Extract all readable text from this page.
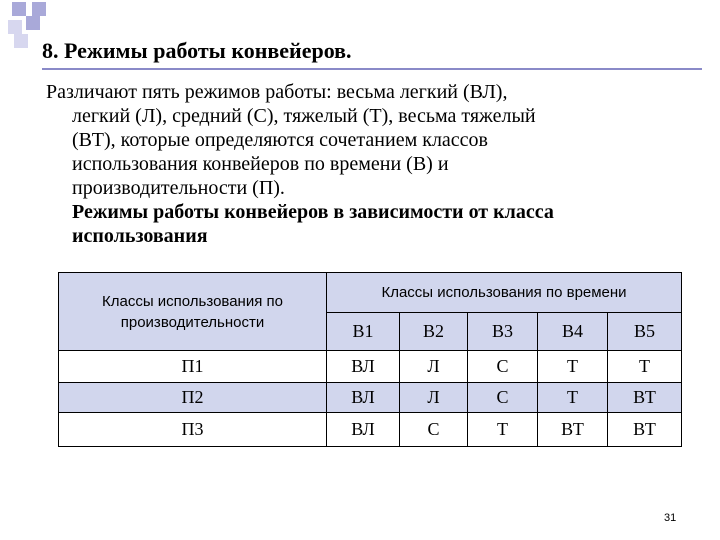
8. Режимы работы конвейеров.
Различают пять режимов работы: весьма легкий (ВЛ),
легкий (Л), средний (С), тяжелый (Т), весьма тяжелый
(ВТ), которые определяются сочетанием классов
использования конвейеров по времени (В) и
производительности (П).
Режимы работы конвейеров в зависимости от класса
использования
Классы использования по производительности	Классы использования по времени				
	В1	В2	В3	В4	В5
П1	ВЛ	Л	С	Т	Т
П2	ВЛ	Л	С	Т	ВТ
П3	ВЛ	С	Т	ВТ	ВТ
31
